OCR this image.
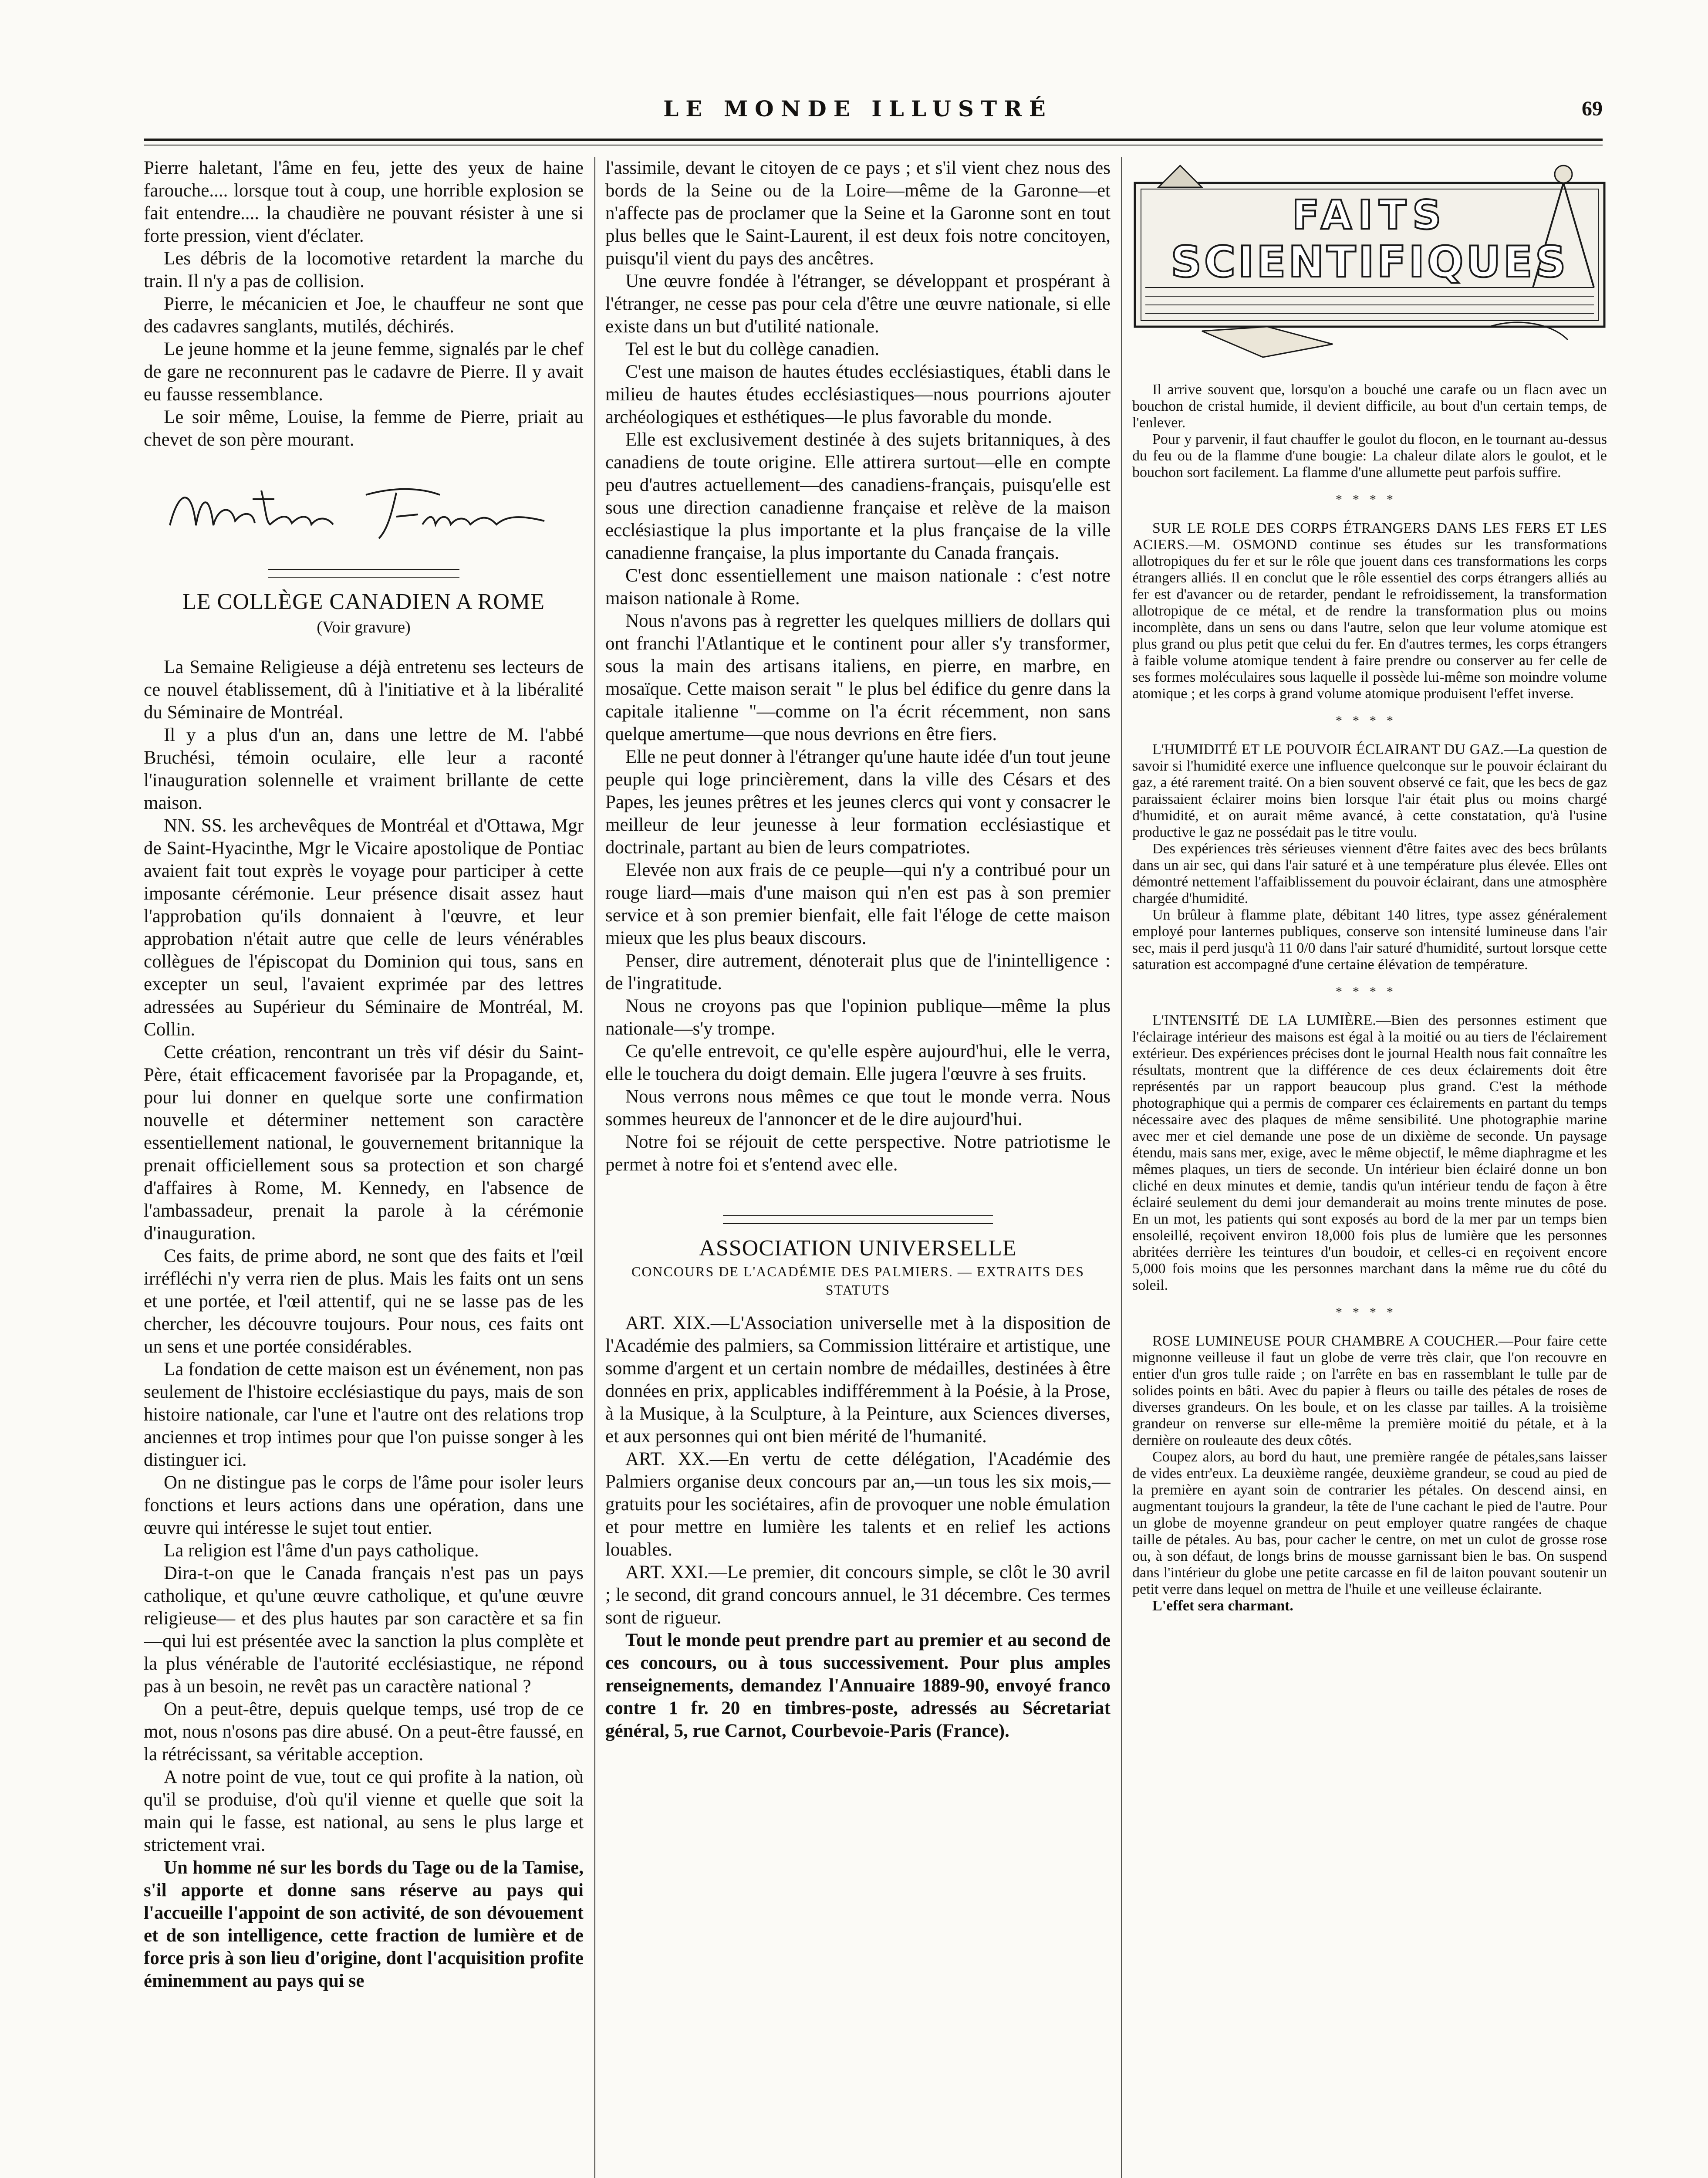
LE MONDE ILLUSTRÉ	69

Pierre haletant, l'âme en feu, jette des yeux de haine farouche.... lorsque tout à coup, une horrible explosion se fait entendre.... la chaudière ne pouvant résister à une si forte pression, vient d'éclater.

Les débris de la locomotive retardent la marche du train. Il n'y a pas de collision.

Pierre, le mécanicien et Joe, le chauffeur ne sont que des cadavres sanglants, mutilés, déchirés.

Le jeune homme et la jeune femme, signalés par le chef de gare ne reconnurent pas le cadavre de Pierre. Il y avait eu fausse ressemblance.

Le soir même, Louise, la femme de Pierre, priait au chevet de son père mourant.

LE COLLÈGE CANADIEN A ROME
(Voir gravure)

La Semaine Religieuse a déjà entretenu ses lecteurs de ce nouvel établissement, dû à l'initiative et à la libéralité du Séminaire de Montréal.

Il y a plus d'un an, dans une lettre de M. l'abbé Bruchési, témoin oculaire, elle leur a raconté l'inauguration solennelle et vraiment brillante de cette maison.

NN. SS. les archevêques de Montréal et d'Ottawa, Mgr de Saint-Hyacinthe, Mgr le Vicaire apostolique de Pontiac avaient fait tout exprès le voyage pour participer à cette imposante cérémonie. Leur présence disait assez haut l'approbation qu'ils donnaient à l'œuvre, et leur approbation n'était autre que celle de leurs vénérables collègues de l'épiscopat du Dominion qui tous, sans en excepter un seul, l'avaient exprimée par des lettres adressées au Supérieur du Séminaire de Montréal, M. Collin.

Cette création, rencontrant un très vif désir du Saint-Père, était efficacement favorisée par la Propagande, et, pour lui donner en quelque sorte une confirmation nouvelle et déterminer nettement son caractère essentiellement national, le gouvernement britannique la prenait officiellement sous sa protection et son chargé d'affaires à Rome, M. Kennedy, en l'absence de l'ambassadeur, prenait la parole à la cérémonie d'inauguration.

Ces faits, de prime abord, ne sont que des faits et l'œil irréfléchi n'y verra rien de plus. Mais les faits ont un sens et une portée, et l'œil attentif, qui ne se lasse pas de les chercher, les découvre toujours. Pour nous, ces faits ont un sens et une portée considérables.

La fondation de cette maison est un événement, non pas seulement de l'histoire ecclésiastique du pays, mais de son histoire nationale, car l'une et l'autre ont des relations trop anciennes et trop intimes pour que l'on puisse songer à les distinguer ici.

On ne distingue pas le corps de l'âme pour isoler leurs fonctions et leurs actions dans une opération, dans une œuvre qui intéresse le sujet tout entier.

La religion est l'âme d'un pays catholique.

Dira-t-on que le Canada français n'est pas un pays catholique, et qu'une œuvre catholique, et qu'une œuvre religieuse— et des plus hautes par son caractère et sa fin—qui lui est présentée avec la sanction la plus complète et la plus vénérable de l'autorité ecclésiastique, ne répond pas à un besoin, ne revêt pas un caractère national ?

On a peut-être, depuis quelque temps, usé trop de ce mot, nous n'osons pas dire abusé. On a peut-être faussé, en la rétrécissant, sa véritable acception.

A notre point de vue, tout ce qui profite à la nation, où qu'il se produise, d'où qu'il vienne et quelle que soit la main qui le fasse, est national, au sens le plus large et strictement vrai.

Un homme né sur les bords du Tage ou de la Tamise, s'il apporte et donne sans réserve au pays qui l'accueille l'appoint de son activité, de son dévouement et de son intelligence, cette fraction de lumière et de force pris à son lieu d'origine, dont l'acquisition profite éminemment au pays qui se

l'assimile, devant le citoyen de ce pays ; et s'il vient chez nous des bords de la Seine ou de la Loire—même de la Garonne—et n'affecte pas de proclamer que la Seine et la Garonne sont en tout plus belles que le Saint-Laurent, il est deux fois notre concitoyen, puisqu'il vient du pays des ancêtres.

Une œuvre fondée à l'étranger, se développant et prospérant à l'étranger, ne cesse pas pour cela d'être une œuvre nationale, si elle existe dans un but d'utilité nationale.

Tel est le but du collège canadien.

C'est une maison de hautes études ecclésiastiques, établi dans le milieu de hautes études ecclésiastiques—nous pourrions ajouter archéologiques et esthétiques—le plus favorable du monde.

Elle est exclusivement destinée à des sujets britanniques, à des canadiens de toute origine. Elle attirera surtout—elle en compte peu d'autres actuellement—des canadiens-français, puisqu'elle est sous une direction canadienne française et relève de la maison ecclésiastique la plus importante et la plus française de la ville canadienne française, la plus importante du Canada français.

C'est donc essentiellement une maison nationale : c'est notre maison nationale à Rome.

Nous n'avons pas à regretter les quelques milliers de dollars qui ont franchi l'Atlantique et le continent pour aller s'y transformer, sous la main des artisans italiens, en pierre, en marbre, en mosaïque. Cette maison serait " le plus bel édifice du genre dans la capitale italienne "—comme on l'a écrit récemment, non sans quelque amertume—que nous devrions en être fiers.

Elle ne peut donner à l'étranger qu'une haute idée d'un tout jeune peuple qui loge princièrement, dans la ville des Césars et des Papes, les jeunes prêtres et les jeunes clercs qui vont y consacrer le meilleur de leur jeunesse à leur formation ecclésiastique et doctrinale, partant au bien de leurs compatriotes.

Elevée non aux frais de ce peuple—qui n'y a contribué pour un rouge liard—mais d'une maison qui n'en est pas à son premier service et à son premier bienfait, elle fait l'éloge de cette maison mieux que les plus beaux discours.

Penser, dire autrement, dénoterait plus que de l'inintelligence : de l'ingratitude.

Nous ne croyons pas que l'opinion publique—même la plus nationale—s'y trompe.

Ce qu'elle entrevoit, ce qu'elle espère aujourd'hui, elle le verra, elle le touchera du doigt demain. Elle jugera l'œuvre à ses fruits.

Nous verrons nous mêmes ce que tout le monde verra. Nous sommes heureux de l'annoncer et de le dire aujourd'hui.

Notre foi se réjouit de cette perspective. Notre patriotisme le permet à notre foi et s'entend avec elle.

ASSOCIATION UNIVERSELLE
CONCOURS DE L'ACADÉMIE DES PALMIERS. — EXTRAITS DES STATUTS

ART. XIX.—L'Association universelle met à la disposition de l'Académie des palmiers, sa Commission littéraire et artistique, une somme d'argent et un certain nombre de médailles, destinées à être données en prix, applicables indifféremment à la Poésie, à la Prose, à la Musique, à la Sculpture, à la Peinture, aux Sciences diverses, et aux personnes qui ont bien mérité de l'humanité.

ART. XX.—En vertu de cette délégation, l'Académie des Palmiers organise deux concours par an,—un tous les six mois,—gratuits pour les sociétaires, afin de provoquer une noble émulation et pour mettre en lumière les talents et en relief les actions louables.

ART. XXI.—Le premier, dit concours simple, se clôt le 30 avril ; le second, dit grand concours annuel, le 31 décembre. Ces termes sont de rigueur.

Tout le monde peut prendre part au premier et au second de ces concours, ou à tous successivement. Pour plus amples renseignements, demandez l'Annuaire 1889-90, envoyé franco contre 1 fr. 20 en timbres-poste, adressés au Sécretariat général, 5, rue Carnot, Courbevoie-Paris (France).

FAITS
SCIENTIFIQUES

Il arrive souvent que, lorsqu'on a bouché une carafe ou un flacn avec un bouchon de cristal humide, il devient difficile, au bout d'un certain temps, de l'enlever.

Pour y parvenir, il faut chauffer le goulot du flocon, en le tournant au-dessus du feu ou de la flamme d'une bougie: La chaleur dilate alors le goulot, et le bouchon sort facilement. La flamme d'une allumette peut parfois suffire.

****

SUR LE ROLE DES CORPS ÉTRANGERS DANS LES FERS ET LES ACIERS.—M. OSMOND continue ses études sur les transformations allotropiques du fer et sur le rôle que jouent dans ces transformations les corps étrangers alliés. Il en conclut que le rôle essentiel des corps étrangers alliés au fer est d'avancer ou de retarder, pendant le refroidissement, la transformation allotropique de ce métal, et de rendre la transformation plus ou moins incomplète, dans un sens ou dans l'autre, selon que leur volume atomique est plus grand ou plus petit que celui du fer. En d'autres termes, les corps étrangers à faible volume atomique tendent à faire prendre ou conserver au fer celle de ses formes moléculaires sous laquelle il possède lui-même son moindre volume atomique ; et les corps à grand volume atomique produisent l'effet inverse.

****

L'HUMIDITÉ ET LE POUVOIR ÉCLAIRANT DU GAZ.—La question de savoir si l'humidité exerce une influence quelconque sur le pouvoir éclairant du gaz, a été rarement traité. On a bien souvent observé ce fait, que les becs de gaz paraissaient éclairer moins bien lorsque l'air était plus ou moins chargé d'humidité, et on aurait même avancé, à cette constatation, qu'à l'usine productive le gaz ne possédait pas le titre voulu.

Des expériences très sérieuses viennent d'être faites avec des becs brûlants dans un air sec, qui dans l'air saturé et à une température plus élevée. Elles ont démontré nettement l'affaiblissement du pouvoir éclairant, dans une atmosphère chargée d'humidité.

Un brûleur à flamme plate, débitant 140 litres, type assez généralement employé pour lanternes publiques, conserve son intensité lumineuse dans l'air sec, mais il perd jusqu'à 11 0/0 dans l'air saturé d'humidité, surtout lorsque cette saturation est accompagné d'une certaine élévation de température.

****

L'INTENSITÉ DE LA LUMIÈRE.—Bien des personnes estiment que l'éclairage intérieur des maisons est égal à la moitié ou au tiers de l'éclairement extérieur. Des expériences précises dont le journal Health nous fait connaître les résultats, montrent que la différence de ces deux éclairements doit être représentés par un rapport beaucoup plus grand. C'est la méthode photographique qui a permis de comparer ces éclairements en partant du temps nécessaire avec des plaques de même sensibilité. Une photographie marine avec mer et ciel demande une pose de un dixième de seconde. Un paysage étendu, mais sans mer, exige, avec le même objectif, le même diaphragme et les mêmes plaques, un tiers de seconde. Un intérieur bien éclairé donne un bon cliché en deux minutes et demie, tandis qu'un intérieur tendu de façon à être éclairé seulement du demi jour demanderait au moins trente minutes de pose. En un mot, les patients qui sont exposés au bord de la mer par un temps bien ensoleillé, reçoivent environ 18,000 fois plus de lumière que les personnes abritées derrière les teintures d'un boudoir, et celles-ci en reçoivent encore 5,000 fois moins que les personnes marchant dans la même rue du côté du soleil.

****

ROSE LUMINEUSE POUR CHAMBRE A COUCHER.—Pour faire cette mignonne veilleuse il faut un globe de verre très clair, que l'on recouvre en entier d'un gros tulle raide ; on l'arrête en bas en rassemblant le tulle par de solides points en bâti. Avec du papier à fleurs ou taille des pétales de roses de diverses grandeurs. On les boule, et on les classe par tailles. A la troisième grandeur on renverse sur elle-même la première moitié du pétale, et à la dernière on rouleaute des deux côtés.

Coupez alors, au bord du haut, une première rangée de pétales,sans laisser de vides entr'eux. La deuxième rangée, deuxième grandeur, se coud au pied de la première en ayant soin de contrarier les pétales. On descend ainsi, en augmentant toujours la grandeur, la tête de l'une cachant le pied de l'autre. Pour un globe de moyenne grandeur on peut employer quatre rangées de chaque taille de pétales. Au bas, pour cacher le centre, on met un culot de grosse rose ou, à son défaut, de longs brins de mousse garnissant bien le bas. On suspend dans l'intérieur du globe une petite carcasse en fil de laiton pouvant soutenir un petit verre dans lequel on mettra de l'huile et une veilleuse éclairante.

L'effet sera charmant.
